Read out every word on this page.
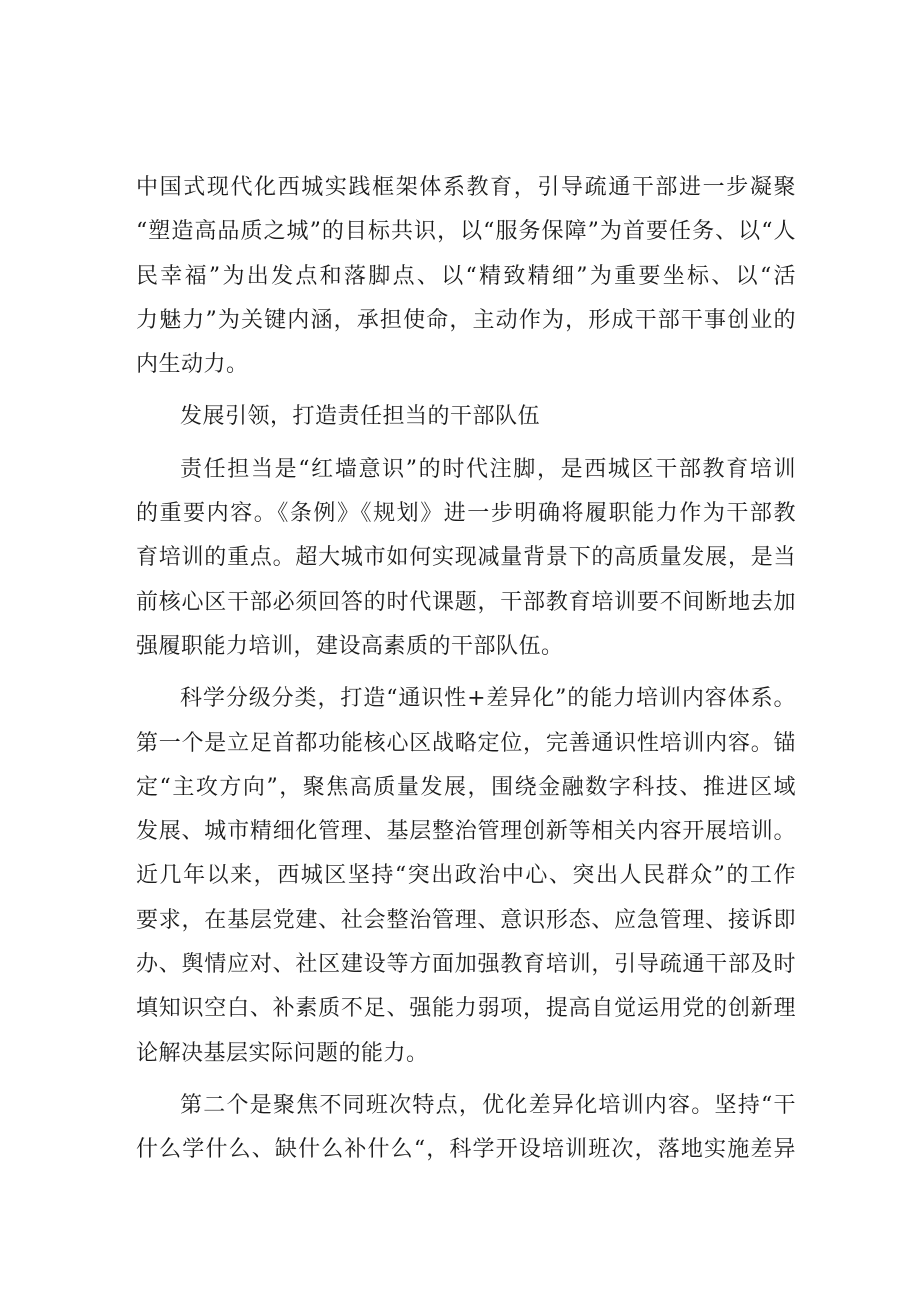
中国式现代化西城实践框架体系教育，引导疏通干部进一步凝聚
“塑造高品质之城”的目标共识，以“服务保障”为首要任务、以“人
民幸福”为出发点和落脚点、以“精致精细”为重要坐标、以“活
力魅力”为关键内涵，承担使命，主动作为，形成干部干事创业的
内生动力。
发展引领，打造责任担当的干部队伍
责任担当是“红墙意识”的时代注脚，是西城区干部教育培训
的重要内容。《条例》《规划》进一步明确将履职能力作为干部教
育培训的重点。超大城市如何实现减量背景下的高质量发展，是当
前核心区干部必须回答的时代课题，干部教育培训要不间断地去加
强履职能力培训，建设高素质的干部队伍。
科学分级分类，打造“通识性+差异化”的能力培训内容体系。
第一个是立足首都功能核心区战略定位，完善通识性培训内容。锚
定“主攻方向”，聚焦高质量发展，围绕金融数字科技、推进区域
发展、城市精细化管理、基层整治管理创新等相关内容开展培训。
近几年以来，西城区坚持“突出政治中心、突出人民群众”的工作
要求，在基层党建、社会整治管理、意识形态、应急管理、接诉即
办、舆情应对、社区建设等方面加强教育培训，引导疏通干部及时
填知识空白、补素质不足、强能力弱项，提高自觉运用党的创新理
论解决基层实际问题的能力。
第二个是聚焦不同班次特点，优化差异化培训内容。坚持“干
什么学什么、缺什么补什么“，科学开设培训班次，落地实施差异
